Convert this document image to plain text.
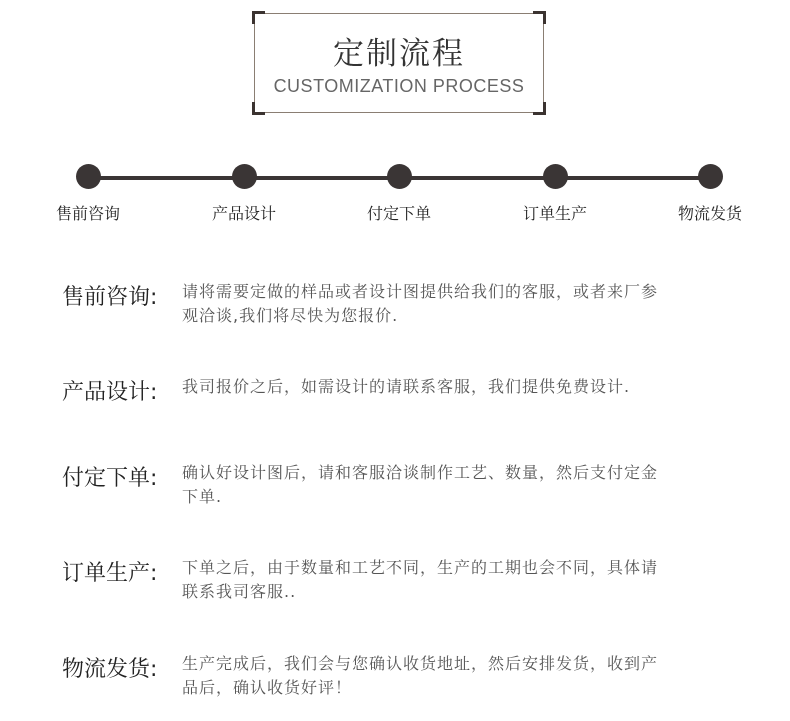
定制流程
CUSTOMIZATION PROCESS
售前咨询	产品设计	付定下单	订单生产	物流发货
售前咨询: 请将需要定做的样品或者设计图提供给我们的客服，或者来厂参
观洽谈,我们将尽快为您报价.
产品设计: 我司报价之后，如需设计的请联系客服，我们提供免费设计.
付定下单: 确认好设计图后，请和客服洽谈制作工艺、数量，然后支付定金
下单.
订单生产: 下单之后，由于数量和工艺不同，生产的工期也会不同，具体请
联系我司客服..
物流发货: 生产完成后，我们会与您确认收货地址，然后安排发货，收到产
品后，确认收货好评！
